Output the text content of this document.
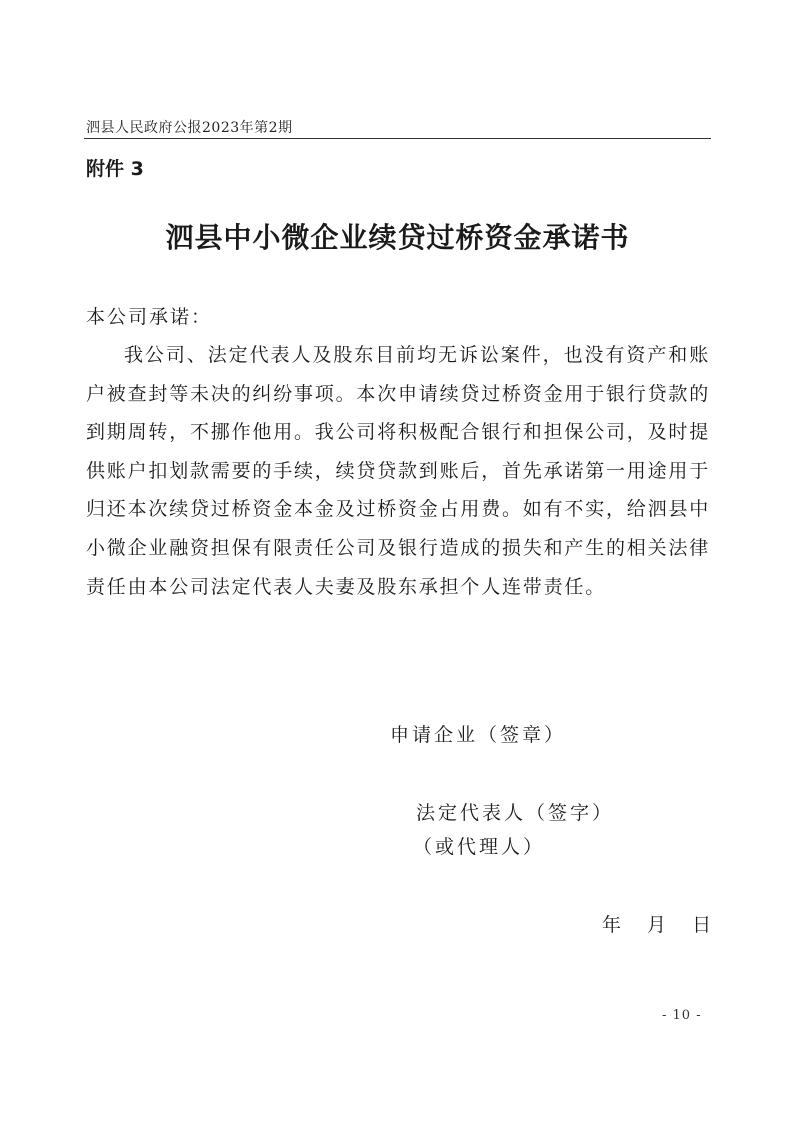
泗县人民政府公报2023年第2期
附件 3
泗县中小微企业续贷过桥资金承诺书
本公司承诺：

我公司、法定代表人及股东目前均无诉讼案件，也没有资产和账户被查封等未决的纠纷事项。本次申请续贷过桥资金用于银行贷款的到期周转，不挪作他用。我公司将积极配合银行和担保公司，及时提供账户扣划款需要的手续，续贷贷款到账后，首先承诺第一用途用于归还本次续贷过桥资金本金及过桥资金占用费。如有不实，给泗县中小微企业融资担保有限责任公司及银行造成的损失和产生的相关法律责任由本公司法定代表人夫妻及股东承担个人连带责任。

申请企业（签章）
法定代表人（签字）
（或代理人）
年 月 日
- 10 -
